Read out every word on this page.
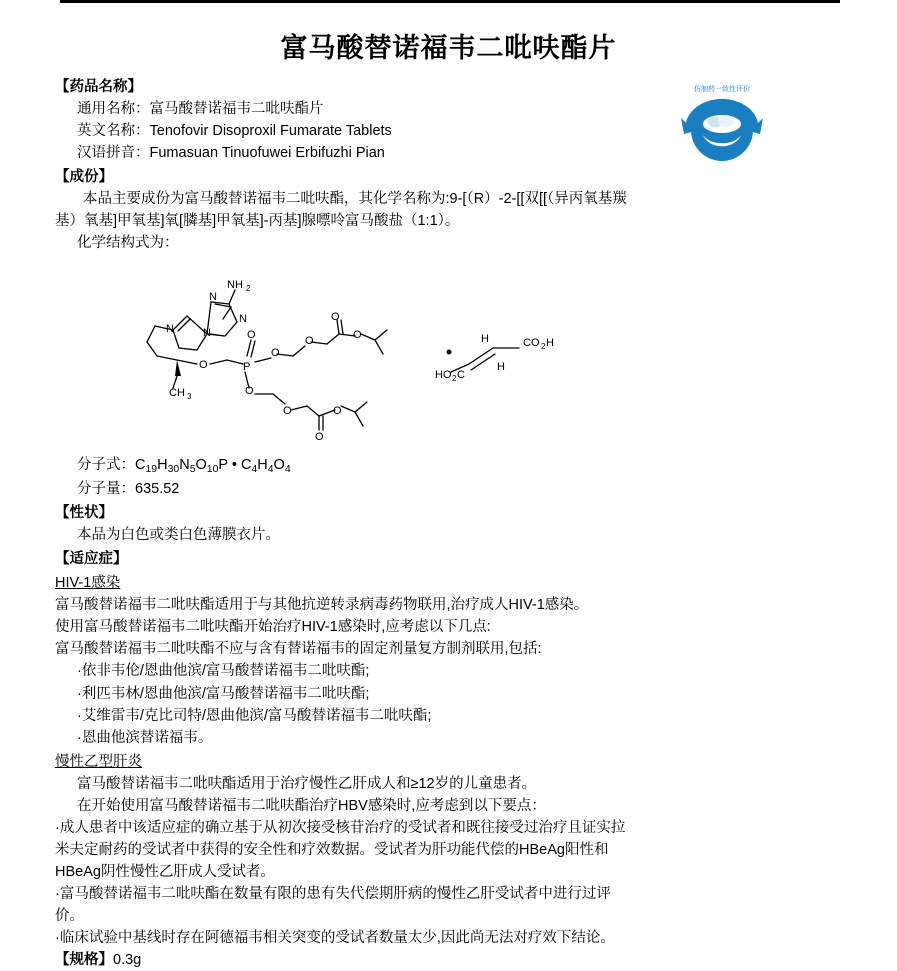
富马酸替诺福韦二吡呋酯片
仿制药一致性评价
【药品名称】
通用名称：富马酸替诺福韦二吡呋酯片
英文名称：Tenofovir Disoproxil Fumarate Tablets
汉语拼音：Fumasuan Tinuofuwei Erbifuzhi Pian
【成份】
本品主要成份为富马酸替诺福韦二吡呋酯，其化学名称为:9-[（R）-2-[[双[[（异丙氧基羰基）氧基]甲氧基]氧[膦基]甲氧基]-丙基]腺嘌呤富马酸盐（1:1）。
化学结构式为：
NH 2
N	N
N
N
O	P
O
O
O
O
O
O
O
O
O
CH 3
CO 2 H
HO 2 C
H
H
分子式：$C_{19}H_{30}N_5O_{10}P$ • $C_4H_4O_4$
分子量：635.52
【性状】
本品为白色或类白色薄膜衣片。
【适应症】
HIV-1感染
富马酸替诺福韦二吡呋酯适用于与其他抗逆转录病毒药物联用,治疗成人HIV-1感染。
使用富马酸替诺福韦二吡呋酯开始治疗HIV-1感染时,应考虑以下几点:
富马酸替诺福韦二吡呋酯不应与含有替诺福韦的固定剂量复方制剂联用,包括:
·依非韦伦/恩曲他滨/富马酸替诺福韦二吡呋酯;
·利匹韦林/恩曲他滨/富马酸替诺福韦二吡呋酯;
·艾维雷韦/克比司特/恩曲他滨/富马酸替诺福韦二吡呋酯;
·恩曲他滨替诺福韦。
慢性乙型肝炎
富马酸替诺福韦二吡呋酯适用于治疗慢性乙肝成人和≥12岁的儿童患者。
在开始使用富马酸替诺福韦二吡呋酯治疗HBV感染时,应考虑到以下要点：
·成人患者中该适应症的确立基于从初次接受核苷治疗的受试者和既往接受过治疗且证实拉米夫定耐药的受试者中获得的安全性和疗效数据。受试者为肝功能代偿的HBeAg阳性和HBeAg阴性慢性乙肝成人受试者。
·富马酸替诺福韦二吡呋酯在数量有限的患有失代偿期肝病的慢性乙肝受试者中进行过评价。
·临床试验中基线时存在阿德福韦相关突变的受试者数量太少,因此尚无法对疗效下结论。
【规格】0.3g
